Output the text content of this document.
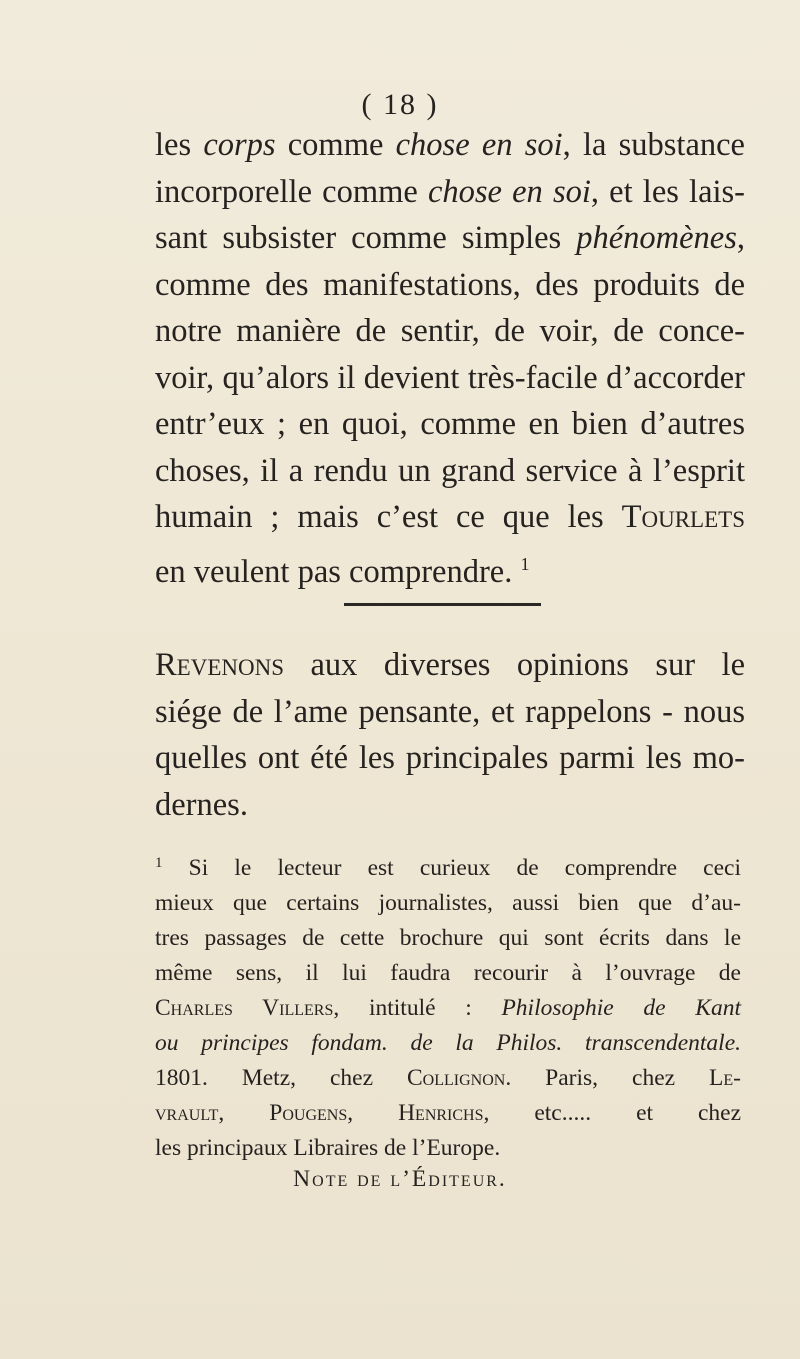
( 18 )
les corps comme chose en soi, la substance
incorporelle comme chose en soi, et les lais-
sant subsister comme simples phénomènes,
comme des manifestations, des produits de
notre manière de sentir, de voir, de conce-
voir, qu’alors il devient très-facile d’accorder
entr’eux ; en quoi, comme en bien d’autres
choses, il a rendu un grand service à l’esprit
humain ; mais c’est ce que les Tourlets
en veulent pas comprendre. $^1$
Revenons aux diverses opinions sur le
siége de l’ame pensante, et rappelons - nous
quelles ont été les principales parmi les mo-
dernes.
$^1$ Si le lecteur est curieux de comprendre ceci
mieux que certains journalistes, aussi bien que d’au-
tres passages de cette brochure qui sont écrits dans le
même sens, il lui faudra recourir à l’ouvrage de
Charles Villers, intitulé : Philosophie de Kant
ou principes fondam. de la Philos. transcendentale.
1801. Metz, chez Collignon. Paris, chez Le-
vrault, Pougens, Henrichs, etc..... et chez
les principaux Libraires de l’Europe.
Note de l’Éditeur.
